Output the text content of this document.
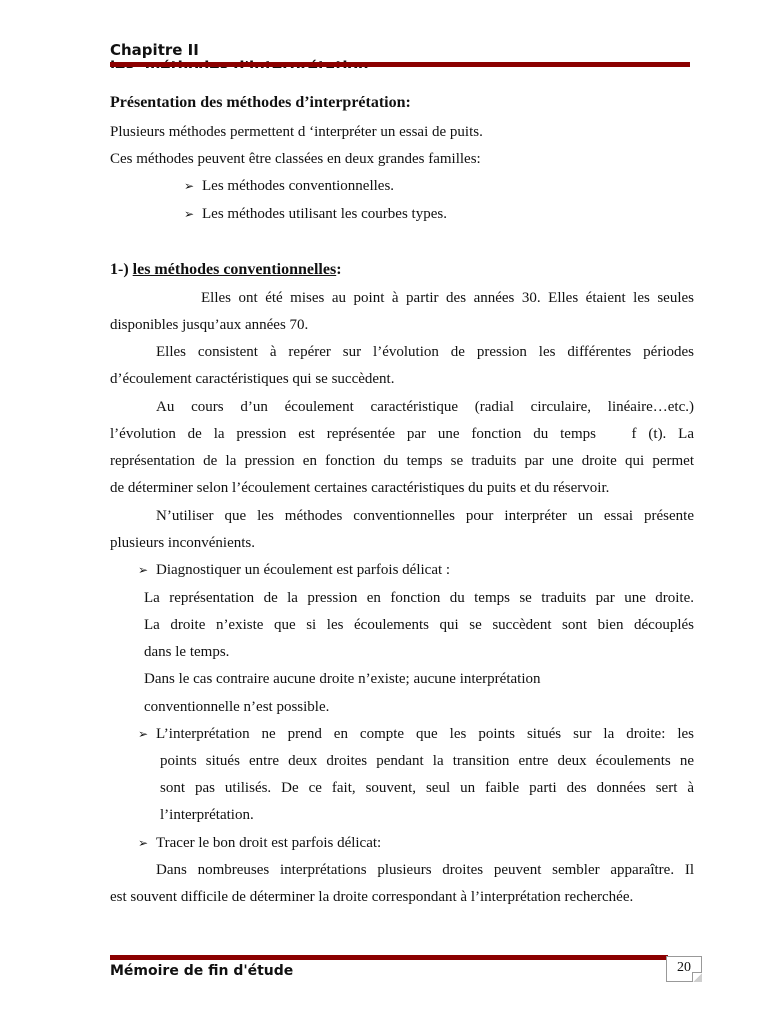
Chapitre II
Présentation des méthodes d’interprétation:
Plusieurs méthodes permettent d ‘interpréter un essai de puits.
Ces méthodes peuvent être classées en deux grandes familles:
➢ Les méthodes conventionnelles.
➢ Les méthodes utilisant les courbes types.
1-) les méthodes conventionnelles:
Elles ont été mises au point à partir des années 30. Elles étaient les seules
disponibles jusqu’aux années 70.
Elles consistent à repérer sur l’évolution de pression les différentes périodes
d’écoulement caractéristiques qui se succèdent.
Au cours d’un écoulement caractéristique (radial circulaire, linéaire…etc.)
l’évolution de la pression est représentée par une fonction du temps   f (t). La
représentation de la pression en fonction du temps se traduits par une droite qui permet
de déterminer selon l’écoulement certaines caractéristiques du puits et du réservoir.
N’utiliser que les méthodes conventionnelles pour interpréter un essai présente
plusieurs inconvénients.
➢ Diagnostiquer un écoulement est parfois délicat :
La représentation de la pression en fonction du temps se traduits par une droite.
La droite n’existe que si les écoulements qui se succèdent sont bien découplés
dans le temps.
Dans le cas contraire aucune droite n’existe; aucune interprétation
conventionnelle n’est possible.
➢ L’interprétation ne prend en compte que les points situés sur la droite: les
points situés entre deux droites pendant la transition entre deux écoulements ne
sont pas utilisés. De ce fait, souvent, seul un faible parti des données sert à
l’interprétation.
➢ Tracer le bon droit est parfois délicat:
Dans nombreuses interprétations plusieurs droites peuvent sembler apparaître. Il
est souvent difficile de déterminer la droite correspondant à l’interprétation recherchée.
Mémoire de fin d'étude	20
